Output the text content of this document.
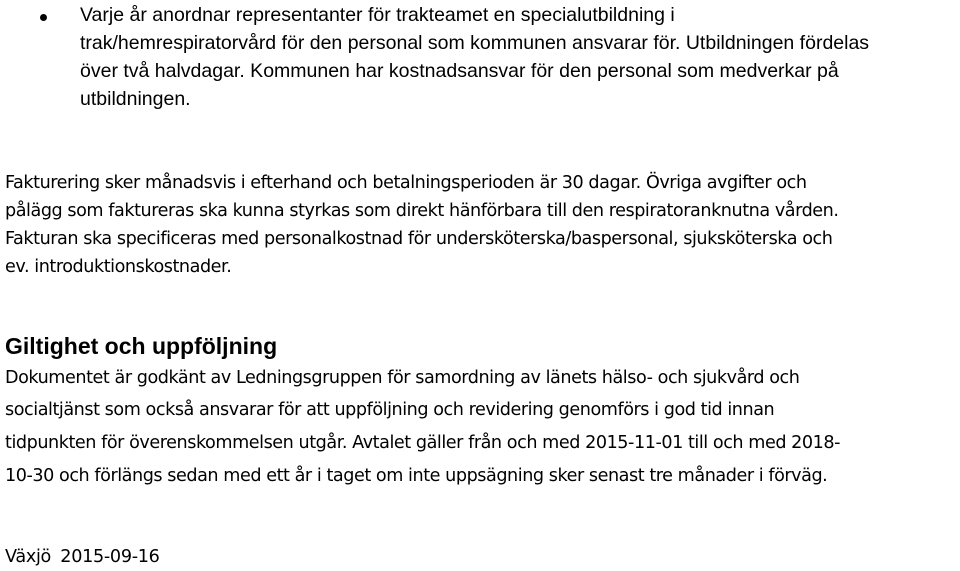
Varje år anordnar representanter för trakteamet en specialutbildning i
trak/hemrespiratorvård för den personal som kommunen ansvarar för. Utbildningen fördelas
över två halvdagar. Kommunen har kostnadsansvar för den personal som medverkar på
utbildningen.
Fakturering sker månadsvis i efterhand och betalningsperioden är 30 dagar. Övriga avgifter och
pålägg som faktureras ska kunna styrkas som direkt hänförbara till den respiratoranknutna vården.
Fakturan ska specificeras med personalkostnad för undersköterska/baspersonal, sjuksköterska och
ev. introduktionskostnader.
Giltighet och uppföljning
Dokumentet är godkänt av Ledningsgruppen för samordning av länets hälso- och sjukvård och
socialtjänst som också ansvarar för att uppföljning och revidering genomförs i god tid innan
tidpunkten för överenskommelsen utgår. Avtalet gäller från och med 2015-11-01 till och med 2018-
10-30 och förlängs sedan med ett år i taget om inte uppsägning sker senast tre månader i förväg.
Växjö 2015-09-16
